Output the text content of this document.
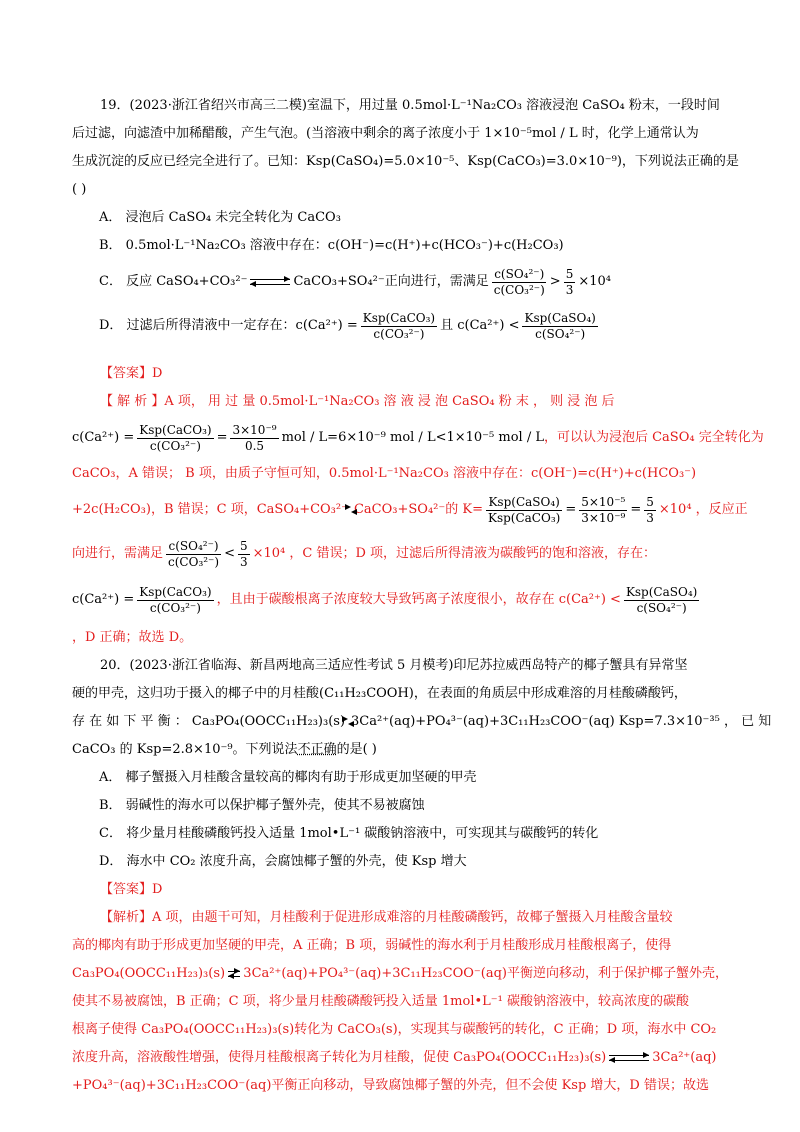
19．(2023·浙江省绍兴市高三二模)室温下，用过量 0.5mol·L⁻¹Na₂CO₃ 溶液浸泡 CaSO₄ 粉末，一段时间
后过滤，向滤渣中加稀醋酸，产生气泡。(当溶液中剩余的离子浓度小于 1×10⁻⁵mol / L 时，化学上通常认为
生成沉淀的反应已经完全进行了。已知：Ksp(CaSO₄)=5.0×10⁻⁵、Ksp(CaCO₃)=3.0×10⁻⁹)，下列说法正确的是
( )
A． 浸泡后 CaSO₄ 未完全转化为 CaCO₃
B． 0.5mol·L⁻¹Na₂CO₃ 溶液中存在：c(OH⁻)=c(H⁺)+c(HCO₃⁻)+c(H₂CO₃)
C． 反应 CaSO₄+CO₃²⁻ ⇌ CaCO₃+SO₄²⁻正向进行，需满足 $\frac{\text{c(SO₄²⁻)}}{\text{c(CO₃²⁻)}} > \frac{5}{3} \times 10^4$
D． 过滤后所得清液中一定存在：$c(Ca^{2+}) = \frac{\text{Ksp(CaCO₃)}}{\text{c(CO₃²⁻)}}$ 且 $c(Ca^{2+}) < \frac{\text{Ksp(CaSO₄)}}{\text{c(SO₄²⁻)}}$
【答案】D
【 解 析 】A 项， 用 过 量 0.5mol·L⁻¹Na₂CO₃ 溶 液 浸 泡 CaSO₄ 粉 末 ， 则 浸 泡 后
$c(Ca^{2+}) = \frac{\text{Ksp(CaCO₃)}}{\text{c(CO₃²⁻)}} = \frac{\text{3×10⁻⁹}}{0.5}$ mol / L=6×10⁻⁹ mol / L<1×10⁻⁵ mol / L ，可以认为浸泡后 CaSO₄ 完全转化为
CaCO₃，A 错误； B 项，由质子守恒可知，0.5mol·L⁻¹Na₂CO₃ 溶液中存在：c(OH⁻)=c(H⁺)+c(HCO₃⁻)
+2c(H₂CO₃)，B 错误；C 项，CaSO₄+CO₃²⁻ CaCO₃+SO₄²⁻的 $K= \frac{\text{Ksp(CaSO₄)}}{\text{Ksp(CaCO₃)}} = \frac{\text{5×10⁻⁵}}{\text{3×10⁻⁹}} = \frac{5}{3} \times 10^4$ ，反应正
向进行，需满足 $\frac{\text{c(SO₄²⁻)}}{\text{c(CO₃²⁻)}} < \frac{5}{3} \times 10^4$ ，C 错误；D 项，过滤后所得清液为碳酸钙的饱和溶液，存在：
$c(Ca^{2+}) = \frac{\text{Ksp(CaCO₃)}}{\text{c(CO₃²⁻)}}$ ，且由于碳酸根离子浓度较大导致钙离子浓度很小，故存在 $c(Ca^{2+}) < \frac{\text{Ksp(CaSO₄)}}{\text{c(SO₄²⁻)}}$
，D 正确；故选 D。
20．(2023·浙江省临海、新昌两地高三适应性考试 5 月模考)印尼苏拉威西岛特产的椰子蟹具有异常坚
硬的甲壳，这归功于摄入的椰子中的月桂酸(C₁₁H₂₃COOH)，在表面的角质层中形成难溶的月桂酸磷酸钙，
存 在 如 下 平 衡 ： Ca₃PO₄(OOCC₁₁H₂₃)₃(s) 3Ca²⁺(aq)+PO₄³⁻(aq)+3C₁₁H₂₃COO⁻(aq) Ksp=7.3×10⁻³⁵ ， 已 知
CaCO₃ 的 Ksp=2.8×10⁻⁹。下列说法不正确的是( )
A． 椰子蟹摄入月桂酸含量较高的椰肉有助于形成更加坚硬的甲壳
B． 弱碱性的海水可以保护椰子蟹外壳，使其不易被腐蚀
C． 将少量月桂酸磷酸钙投入适量 1mol•L⁻¹ 碳酸钠溶液中，可实现其与碳酸钙的转化
D． 海水中 CO₂ 浓度升高，会腐蚀椰子蟹的外壳，使 Ksp 增大
【答案】D
【解析】A 项，由题干可知，月桂酸利于促进形成难溶的月桂酸磷酸钙，故椰子蟹摄入月桂酸含量较
高的椰肉有助于形成更加坚硬的甲壳，A 正确；B 项，弱碱性的海水利于月桂酸形成月桂酸根离子，使得
Ca₃PO₄(OOCC₁₁H₂₃)₃(s) ⇌ 3Ca²⁺(aq)+PO₄³⁻(aq)+3C₁₁H₂₃COO⁻(aq)平衡逆向移动，利于保护椰子蟹外壳，
使其不易被腐蚀，B 正确；C 项，将少量月桂酸磷酸钙投入适量 1mol•L⁻¹ 碳酸钠溶液中，较高浓度的碳酸
根离子使得 Ca₃PO₄(OOCC₁₁H₂₃)₃(s)转化为 CaCO₃(s)，实现其与碳酸钙的转化，C 正确；D 项，海水中 CO₂
浓度升高，溶液酸性增强，使得月桂酸根离子转化为月桂酸，促使 Ca₃PO₄(OOCC₁₁H₂₃)₃(s) ⇌ 3Ca²⁺(aq)
+PO₄³⁻(aq)+3C₁₁H₂₃COO⁻(aq)平衡正向移动，导致腐蚀椰子蟹的外壳，但不会使 Ksp 增大，D 错误；故选
